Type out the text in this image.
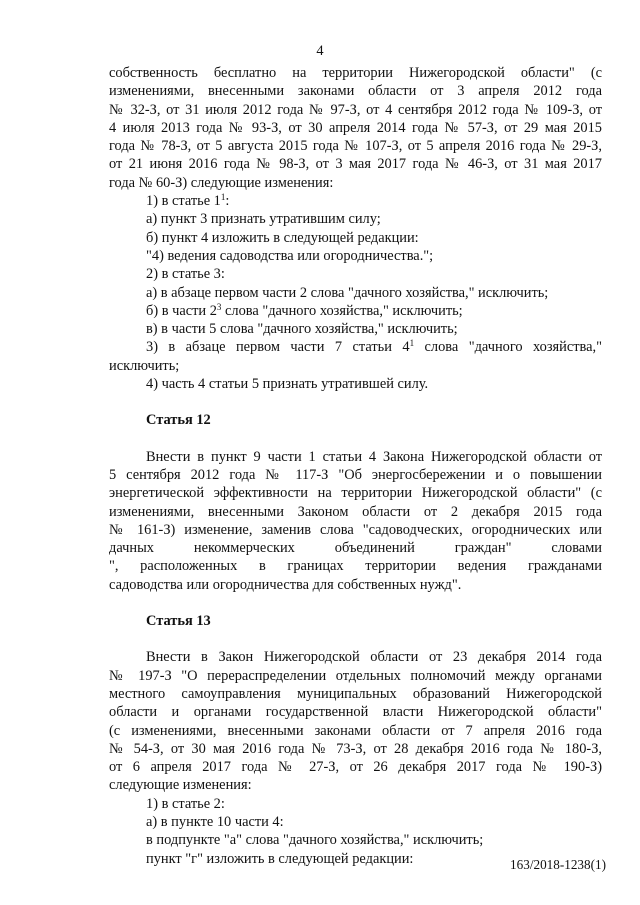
4

собственность бесплатно на территории Нижегородской области" (с

изменениями, внесенными законами области от 3 апреля 2012 года

№ 32-З, от 31 июля 2012 года № 97-З, от 4 сентября 2012 года № 109-З, от

4 июля 2013 года № 93-З, от 30 апреля 2014 года № 57-З, от 29 мая 2015

года № 78-З, от 5 августа 2015 года № 107-З, от 5 апреля 2016 года № 29-З,

от 21 июня 2016 года № 98-З, от 3 мая 2017 года № 46-З, от 31 мая 2017

года № 60-З) следующие изменения:

1) в статье $1^1$:

а) пункт 3 признать утратившим силу;

б) пункт 4 изложить в следующей редакции:

"4) ведения садоводства или огородничества.";

2) в статье 3:

а) в абзаце первом части 2 слова "дачного хозяйства," исключить;

б) в части $2^3$ слова "дачного хозяйства," исключить;

в) в части 5 слова "дачного хозяйства," исключить;

3) в абзаце первом части 7 статьи $4^1$ слова "дачного хозяйства,"

исключить;

4) часть 4 статьи 5 признать утратившей силу.

Статья 12

Внести в пункт 9 части 1 статьи 4 Закона Нижегородской области от

5 сентября 2012 года № 117-З "Об энергосбережении и о повышении

энергетической эффективности на территории Нижегородской области" (с

изменениями, внесенными Законом области от 2 декабря 2015 года

№ 161-З) изменение, заменив слова "садоводческих, огороднических или

дачных некоммерческих объединений граждан" словами

", расположенных в границах территории ведения гражданами

садоводства или огородничества для собственных нужд".

Статья 13

Внести в Закон Нижегородской области от 23 декабря 2014 года

№ 197-З "О перераспределении отдельных полномочий между органами

местного самоуправления муниципальных образований Нижегородской

области и органами государственной власти Нижегородской области"

(с изменениями, внесенными законами области от 7 апреля 2016 года

№ 54-З, от 30 мая 2016 года № 73-З, от 28 декабря 2016 года № 180-З,

от 6 апреля 2017 года № 27-З, от 26 декабря 2017 года № 190-З)

следующие изменения:

1) в статье 2:

а) в пункте 10 части 4:

в подпункте "а" слова "дачного хозяйства," исключить;

пункт "г" изложить в следующей редакции:	163/2018-1238(1)
